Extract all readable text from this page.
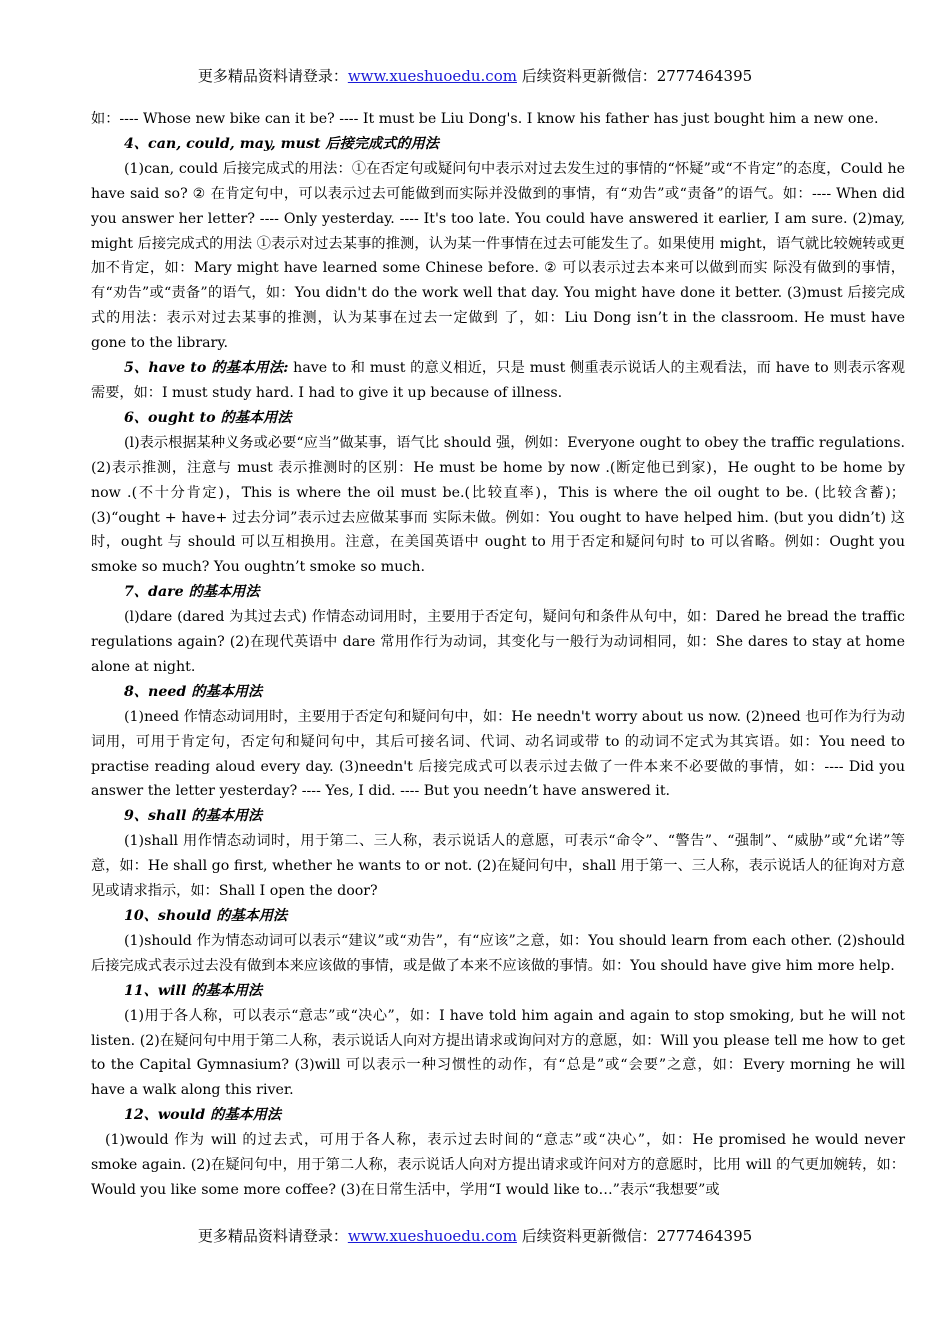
更多精品资料请登录：www.xueshuoedu.com 后续资料更新微信：2777464395

如：---- Whose new bike can it be? ---- It must be Liu Dong's. I know his father has just bought him a new one.

4、can, could, may, must 后接完成式的用法

(1)can, could 后接完成式的用法：①在否定句或疑问句中表示对过去发生过的事情的“怀疑”或“不肯定”的态度，Could he have said so? ② 在肯定句中，可以表示过去可能做到而实际并没做到的事情，有“劝告”或“责备”的语气。如：---- When did you answer her letter? ---- Only yesterday. ---- It's too late. You could have answered it earlier, I am sure. (2)may, might 后接完成式的用法 ①表示对过去某事的推测，认为某一件事情在过去可能发生了。如果使用 might，语气就比较婉转或更加不肯定，如：Mary might have learned some Chinese before. ② 可以表示过去本来可以做到而实 际没有做到的事情，有“劝告”或“责备”的语气，如：You didn't do the work well that day. You might have done it better. (3)must 后接完成式的用法：表示对过去某事的推测，认为某事在过去一定做到 了，如：Liu Dong isn’t in the classroom. He must have gone to the library.

5、have to 的基本用法: have to 和 must 的意义相近，只是 must 侧重表示说话人的主观看法，而 have to 则表示客观需要，如：I must study hard. I had to give it up because of illness.

6、ought to 的基本用法

(l)表示根据某种义务或必要“应当”做某事，语气比 should 强，例如：Everyone ought to obey the traffic regulations. (2)表示推测，注意与 must 表示推测时的区别：He must be home by now .(断定他已到家)，He ought to be home by now .(不十分肯定)，This is where the oil must be.(比较直率)，This is where the oil ought to be. (比较含蓄)；(3)“ought + have+ 过去分词”表示过去应做某事而 实际未做。例如：You ought to have helped him. (but you didn’t) 这时，ought 与 should 可以互相换用。注意，在美国英语中 ought to 用于否定和疑问句时 to 可以省略。例如：Ought you smoke so much? You oughtn’t smoke so much.

7、dare 的基本用法

(l)dare (dared 为其过去式) 作情态动词用时，主要用于否定句，疑问句和条件从句中，如：Dared he bread the traffic regulations again? (2)在现代英语中 dare 常用作行为动词，其变化与一般行为动词相同，如：She dares to stay at home alone at night.

8、need 的基本用法

(1)need 作情态动词用时，主要用于否定句和疑问句中，如：He needn't worry about us now. (2)need 也可作为行为动词用，可用于肯定句，否定句和疑问句中，其后可接名词、代词、动名词或带 to 的动词不定式为其宾语。如：You need to practise reading aloud every day. (3)needn't 后接完成式可以表示过去做了一件本来不必要做的事情，如：---- Did you answer the letter yesterday? ---- Yes, I did. ---- But you needn’t have answered it.

9、shall 的基本用法

(1)shall 用作情态动词时，用于第二、三人称，表示说话人的意愿，可表示“命令”、“警告”、“强制”、“威胁”或“允诺”等意，如：He shall go first, whether he wants to or not. (2)在疑问句中，shall 用于第一、三人称，表示说话人的征询对方意见或请求指示，如：Shall I open the door?

10、should 的基本用法

(1)should 作为情态动词可以表示“建议”或“劝告”，有“应该”之意，如：You should learn from each other. (2)should 后接完成式表示过去没有做到本来应该做的事情，或是做了本来不应该做的事情。如：You should have give him more help.

11、will 的基本用法

(1)用于各人称，可以表示“意志”或“决心”，如：I have told him again and again to stop smoking, but he will not listen. (2)在疑问句中用于第二人称，表示说话人向对方提出请求或询问对方的意愿，如：Will you please tell me how to get to the Capital Gymnasium? (3)will 可以表示一种习惯性的动作，有“总是”或“会要”之意，如：Every morning he will have a walk along this river.

12、would 的基本用法

(1)would 作为 will 的过去式，可用于各人称，表示过去时间的“意志”或“决心”，如：He promised he would never smoke again. (2)在疑问句中，用于第二人称，表示说话人向对方提出请求或许问对方的意愿时，比用 will 的气更加婉转，如：Would you like some more coffee? (3)在日常生活中，学用“I would like to…”表示“我想要”或

更多精品资料请登录：www.xueshuoedu.com 后续资料更新微信：2777464395
